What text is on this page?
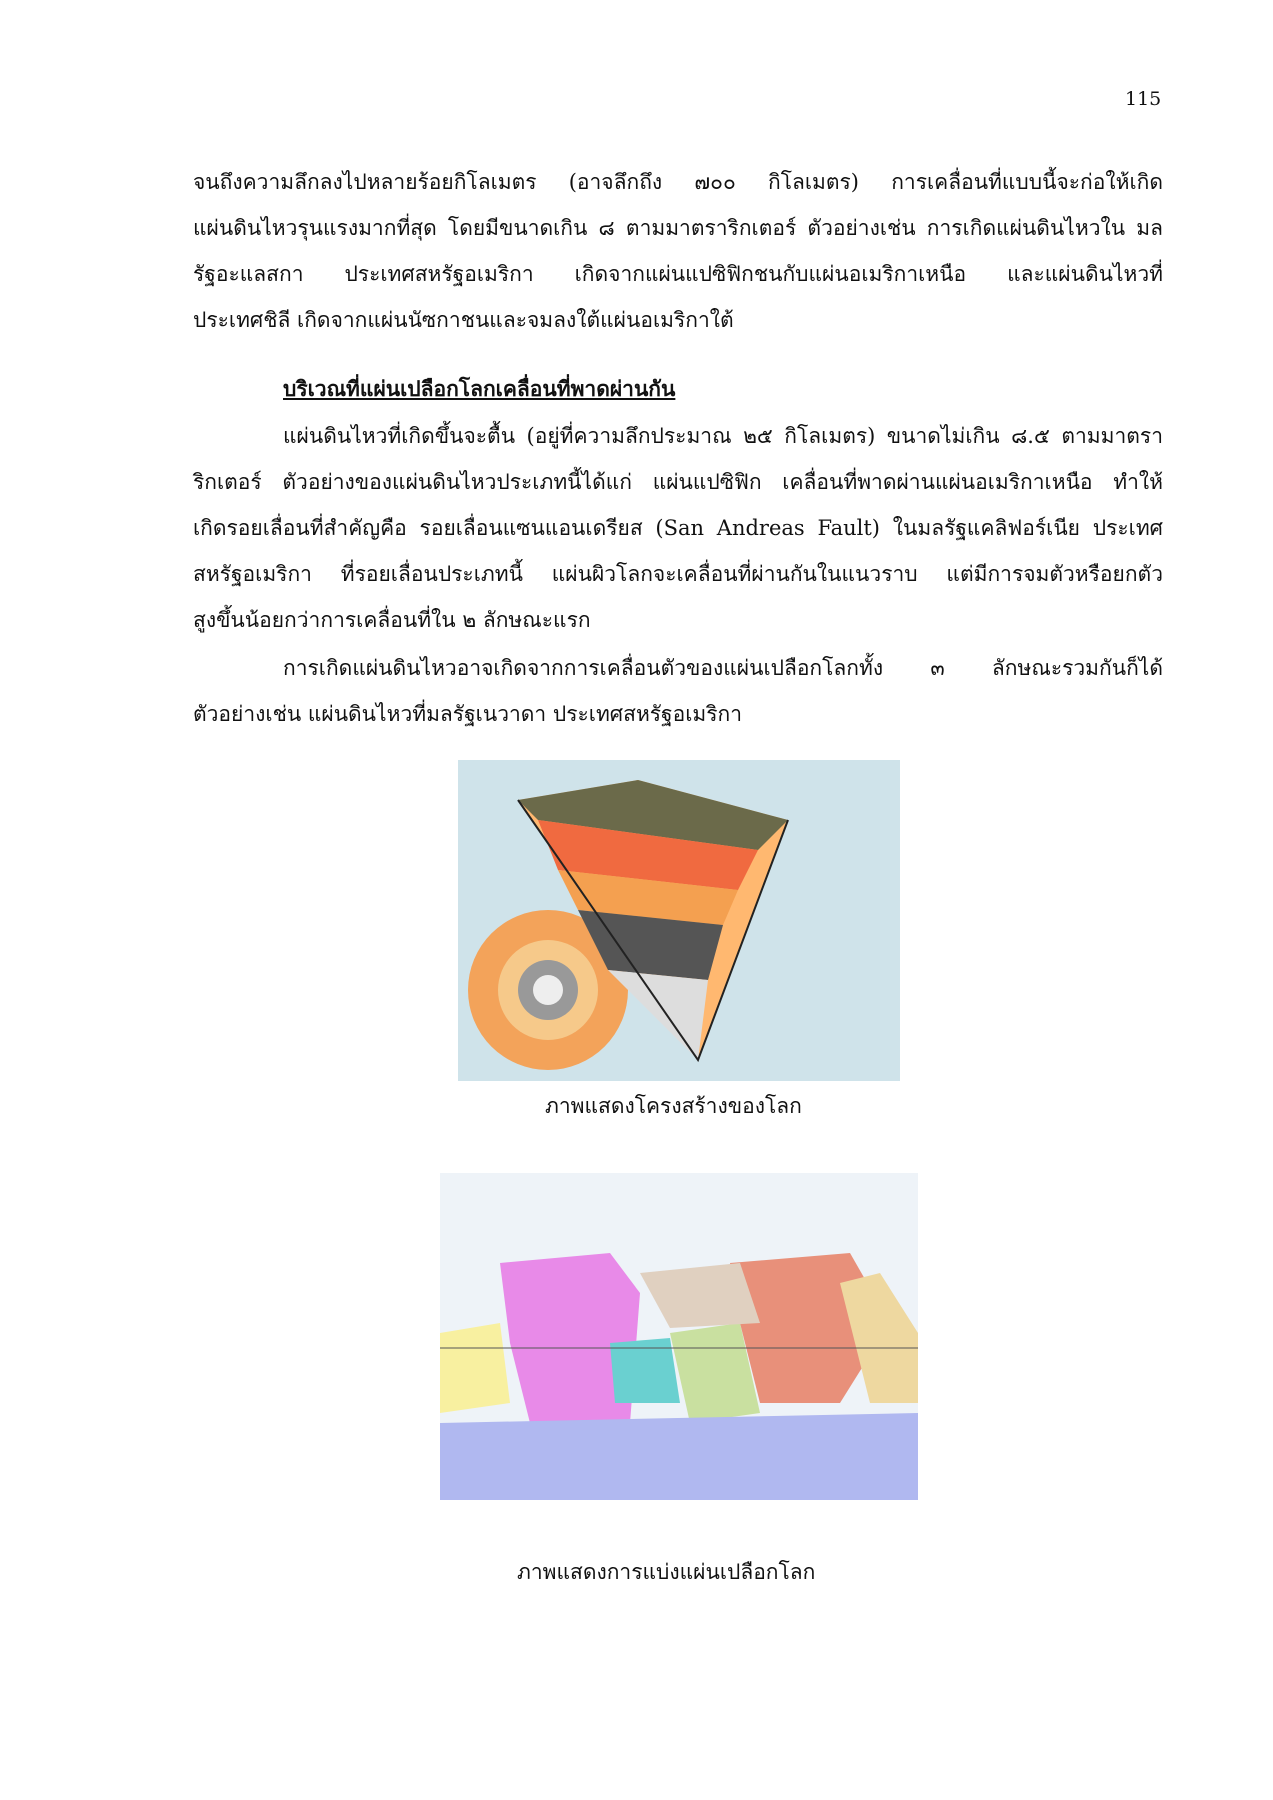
115
จนถึงความลึกลงไปหลายร้อยกิโลเมตร (อาจลึกถึง ๗๐๐ กิโลเมตร) การเคลื่อนที่แบบนี้จะก่อให้เกิด
แผ่นดินไหวรุนแรงมากที่สุด โดยมีขนาดเกิน ๘ ตามมาตราริกเตอร์ ตัวอย่างเช่น การเกิดแผ่นดินไหวใน มล
รัฐอะแลสกา ประเทศสหรัฐอเมริกา เกิดจากแผ่นแปซิฟิกชนกับแผ่นอเมริกาเหนือ และแผ่นดินไหวที่
ประเทศชิลี เกิดจากแผ่นนัซกาชนและจมลงใต้แผ่นอเมริกาใต้
บริเวณที่แผ่นเปลือกโลกเคลื่อนที่พาดผ่านกัน
แผ่นดินไหวที่เกิดขึ้นจะตื้น (อยู่ที่ความลึกประมาณ ๒๕ กิโลเมตร) ขนาดไม่เกิน ๘.๕ ตามมาตรา
ริกเตอร์ ตัวอย่างของแผ่นดินไหวประเภทนี้ได้แก่ แผ่นแปซิฟิก เคลื่อนที่พาดผ่านแผ่นอเมริกาเหนือ ทำให้
เกิดรอยเลื่อนที่สำคัญคือ รอยเลื่อนแซนแอนเดรียส (San Andreas Fault) ในมลรัฐแคลิฟอร์เนีย ประเทศ
สหรัฐอเมริกา ที่รอยเลื่อนประเภทนี้ แผ่นผิวโลกจะเคลื่อนที่ผ่านกันในแนวราบ แต่มีการจมตัวหรือยกตัว
สูงขึ้นน้อยกว่าการเคลื่อนที่ใน ๒ ลักษณะแรก
การเกิดแผ่นดินไหวอาจเกิดจากการเคลื่อนตัวของแผ่นเปลือกโลกทั้ง ๓ ลักษณะรวมกันก็ได้
ตัวอย่างเช่น แผ่นดินไหวที่มลรัฐเนวาดา ประเทศสหรัฐอเมริกา
ภาพแสดงโครงสร้างของโลก
ภาพแสดงการแบ่งแผ่นเปลือกโลก
